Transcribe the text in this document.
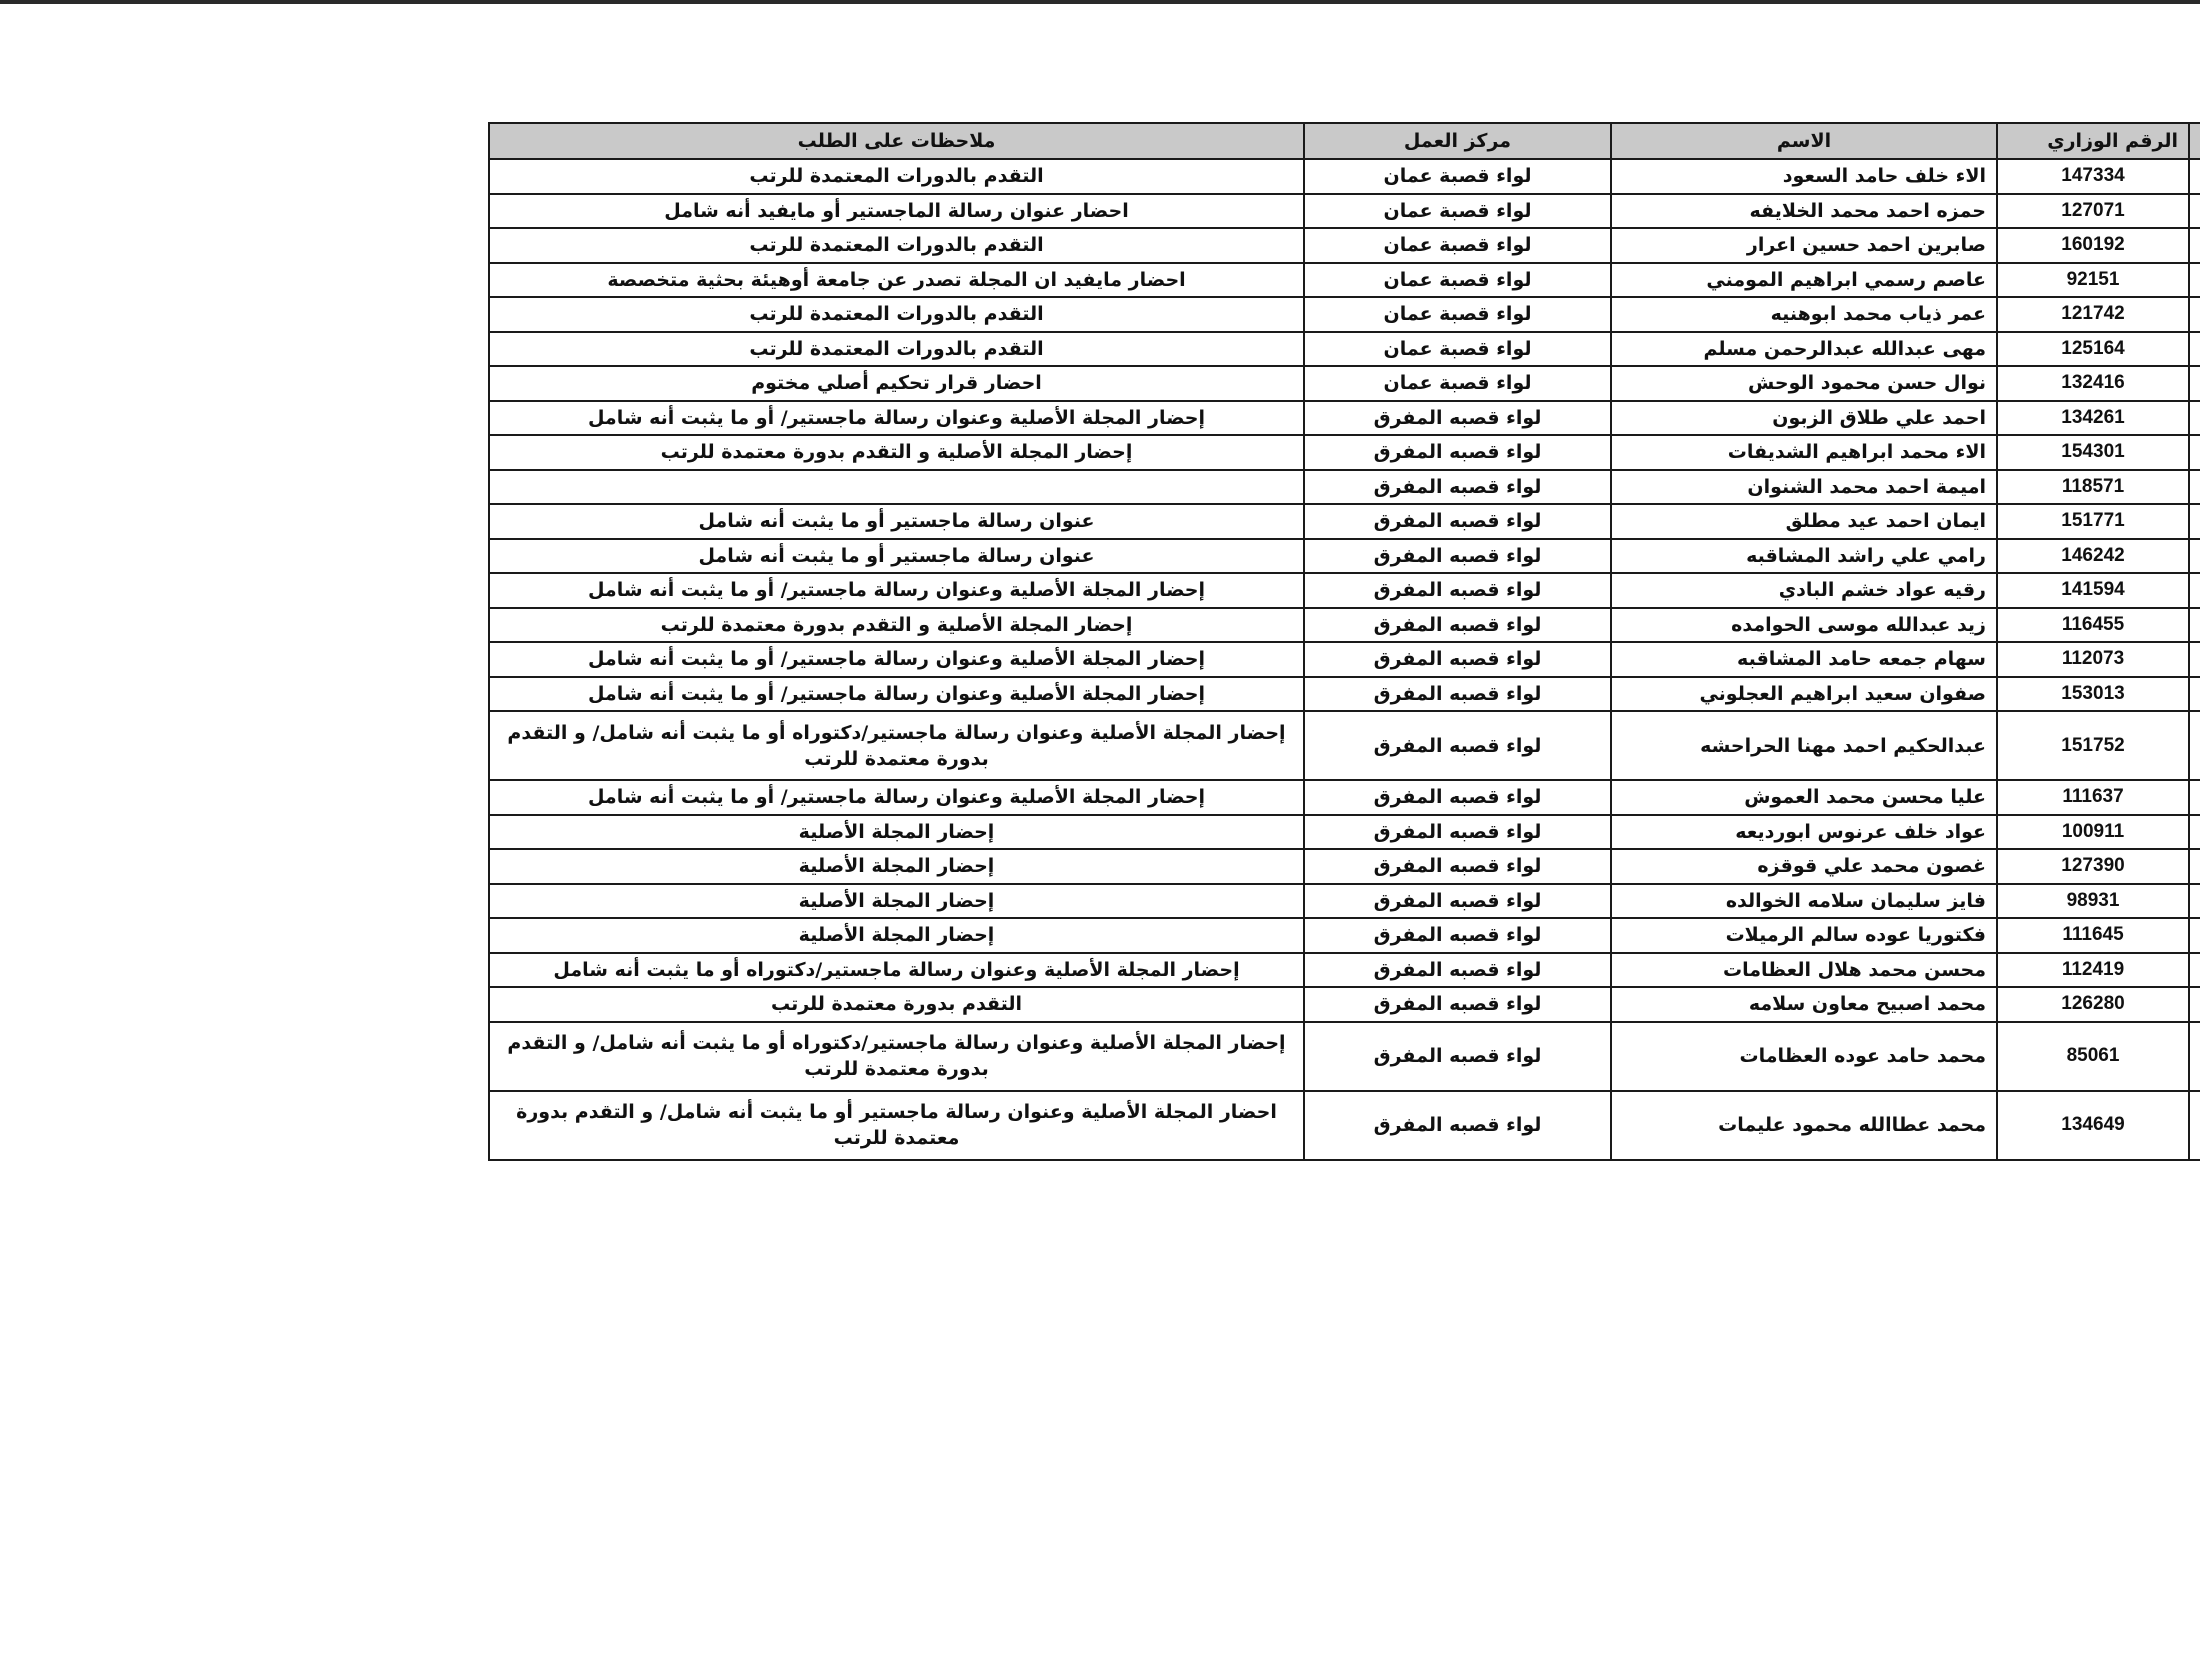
	الرقم الوزاري	الاسم	مركز العمل	ملاحظات على الطلب
	147334	الاء خلف حامد السعود	لواء قصبة عمان	التقدم بالدورات المعتمدة للرتب
	127071	حمزه احمد محمد الخلايفه	لواء قصبة عمان	احضار عنوان رسالة الماجستير أو مايفيد أنه شامل
	160192	صابرين احمد حسين اعرار	لواء قصبة عمان	التقدم بالدورات المعتمدة للرتب
	92151	عاصم رسمي ابراهيم المومني	لواء قصبة عمان	احضار مايفيد ان المجلة تصدر عن جامعة أوهيئة بحثية متخصصة
	121742	عمر ذياب محمد ابوهنيه	لواء قصبة عمان	التقدم بالدورات المعتمدة للرتب
	125164	مهى عبدالله عبدالرحمن مسلم	لواء قصبة عمان	التقدم بالدورات المعتمدة للرتب
	132416	نوال حسن محمود الوحش	لواء قصبة عمان	احضار قرار تحكيم أصلي مختوم
	134261	احمد علي طلاق الزبون	لواء قصبه المفرق	إحضار المجلة الأصلية وعنوان رسالة ماجستير/ أو ما يثبت أنه شامل
	154301	الاء محمد ابراهيم الشديفات	لواء قصبه المفرق	إحضار المجلة الأصلية و التقدم بدورة معتمدة للرتب
	118571	اميمة احمد محمد الشنوان	لواء قصبه المفرق	
	151771	ايمان احمد عيد مطلق	لواء قصبه المفرق	عنوان رسالة ماجستير أو ما يثبت أنه شامل
	146242	رامي علي راشد المشاقبه	لواء قصبه المفرق	عنوان رسالة ماجستير أو ما يثبت أنه شامل
	141594	رقيه عواد خشم البادي	لواء قصبه المفرق	إحضار المجلة الأصلية وعنوان رسالة ماجستير/ أو ما يثبت أنه شامل
	116455	زيد عبدالله موسى الحوامده	لواء قصبه المفرق	إحضار المجلة الأصلية و التقدم بدورة معتمدة للرتب
	112073	سهام جمعه حامد المشاقبه	لواء قصبه المفرق	إحضار المجلة الأصلية وعنوان رسالة ماجستير/ أو ما يثبت أنه شامل
	153013	صفوان سعيد ابراهيم العجلوني	لواء قصبه المفرق	إحضار المجلة الأصلية وعنوان رسالة ماجستير/ أو ما يثبت أنه شامل
	151752	عبدالحكيم احمد مهنا الحراحشه	لواء قصبه المفرق	إحضار المجلة الأصلية وعنوان رسالة ماجستير/دكتوراه أو ما يثبت أنه شامل/ و التقدم بدورة معتمدة للرتب
	111637	عليا محسن محمد العموش	لواء قصبه المفرق	إحضار المجلة الأصلية وعنوان رسالة ماجستير/ أو ما يثبت أنه شامل
	100911	عواد خلف عرنوس ابورديعه	لواء قصبه المفرق	إحضار المجلة الأصلية
	127390	غصون محمد علي قوقزه	لواء قصبه المفرق	إحضار المجلة الأصلية
	98931	فايز سليمان سلامه الخوالده	لواء قصبه المفرق	إحضار المجلة الأصلية
	111645	فكتوريا عوده سالم الرميلات	لواء قصبه المفرق	إحضار المجلة الأصلية
	112419	محسن محمد هلال العظامات	لواء قصبه المفرق	إحضار المجلة الأصلية وعنوان رسالة ماجستير/دكتوراه أو ما يثبت أنه شامل
	126280	محمد اصبيح معاون سلامه	لواء قصبه المفرق	التقدم بدورة معتمدة للرتب
	85061	محمد حامد عوده العظامات	لواء قصبه المفرق	إحضار المجلة الأصلية وعنوان رسالة ماجستير/دكتوراه أو ما يثبت أنه شامل/ و التقدم بدورة معتمدة للرتب
	134649	محمد عطاالله محمود عليمات	لواء قصبه المفرق	احضار المجلة الأصلية وعنوان رسالة ماجستير أو ما يثبت أنه شامل/ و التقدم بدورة معتمدة للرتب
